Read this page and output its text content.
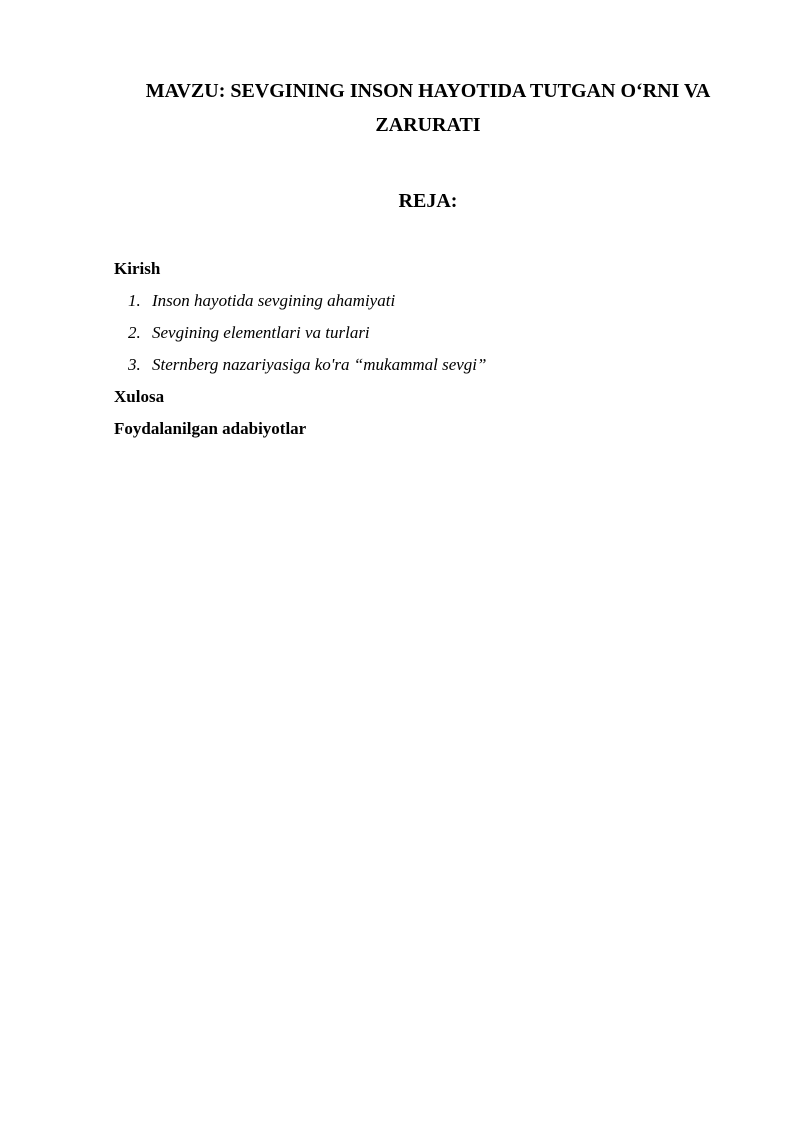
MAVZU: SEVGINING INSON HAYOTIDA TUTGAN O‘RNI VA
ZARURATI
REJA:
Kirish
1. Inson hayotida sevgining ahamiyati
2. Sevgining elementlari va turlari
3. Sternberg nazariyasiga ko'ra “mukammal sevgi”
Xulosa
Foydalanilgan adabiyotlar
